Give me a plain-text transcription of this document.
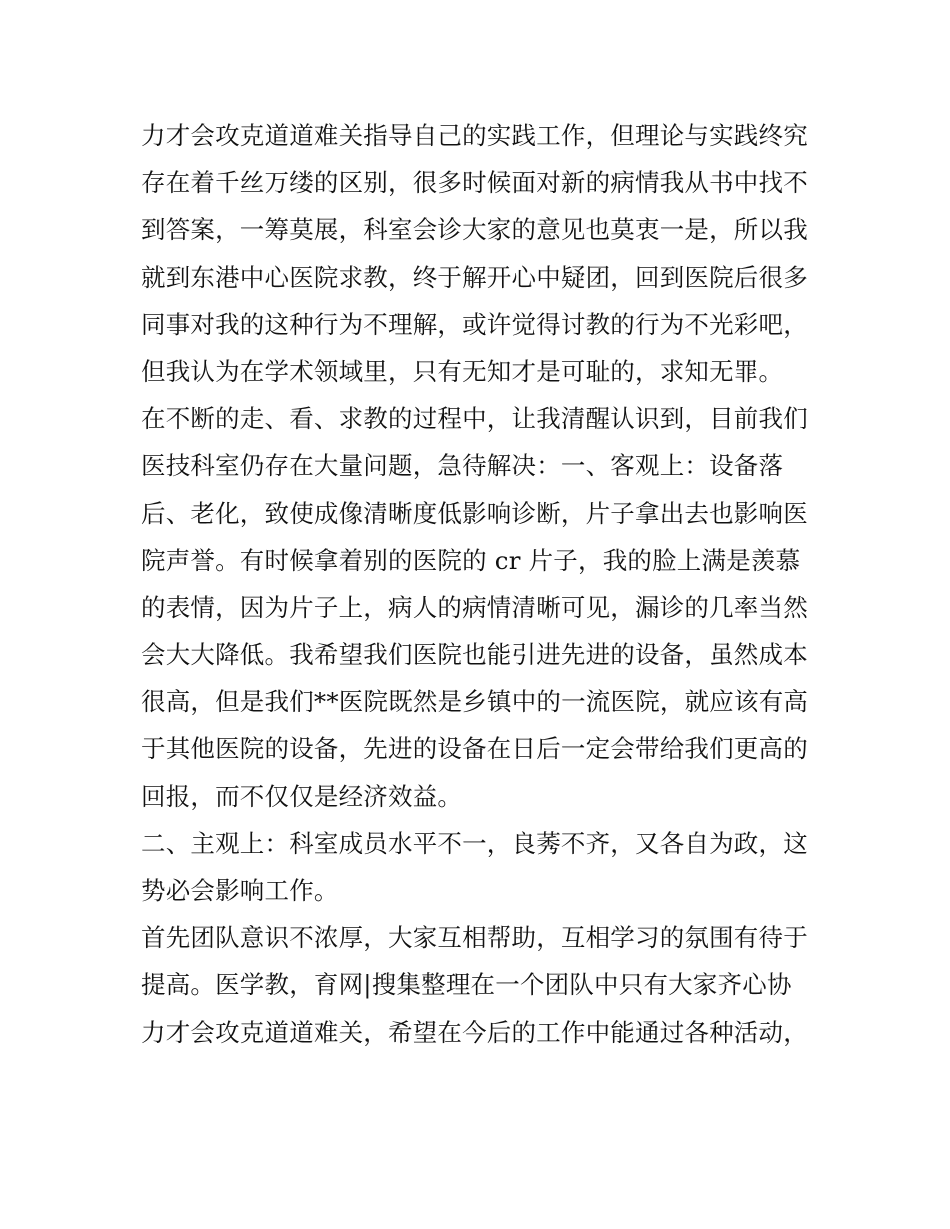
力才会攻克道道难关指导自己的实践工作，但理论与实践终究
存在着千丝万缕的区别，很多时候面对新的病情我从书中找不
到答案，一筹莫展，科室会诊大家的意见也莫衷一是，所以我
就到东港中心医院求教，终于解开心中疑团，回到医院后很多
同事对我的这种行为不理解，或许觉得讨教的行为不光彩吧，
但我认为在学术领域里，只有无知才是可耻的，求知无罪。
在不断的走、看、求教的过程中，让我清醒认识到，目前我们
医技科室仍存在大量问题，急待解决：一、客观上：设备落
后、老化，致使成像清晰度低影响诊断，片子拿出去也影响医
院声誉。有时候拿着别的医院的 cr 片子，我的脸上满是羡慕
的表情，因为片子上，病人的病情清晰可见，漏诊的几率当然
会大大降低。我希望我们医院也能引进先进的设备，虽然成本
很高，但是我们**医院既然是乡镇中的一流医院，就应该有高
于其他医院的设备，先进的设备在日后一定会带给我们更高的
回报，而不仅仅是经济效益。
二、主观上：科室成员水平不一，良莠不齐，又各自为政，这
势必会影响工作。
首先团队意识不浓厚，大家互相帮助，互相学习的氛围有待于
提高。医学教，育网|搜集整理在一个团队中只有大家齐心协
力才会攻克道道难关，希望在今后的工作中能通过各种活动，
